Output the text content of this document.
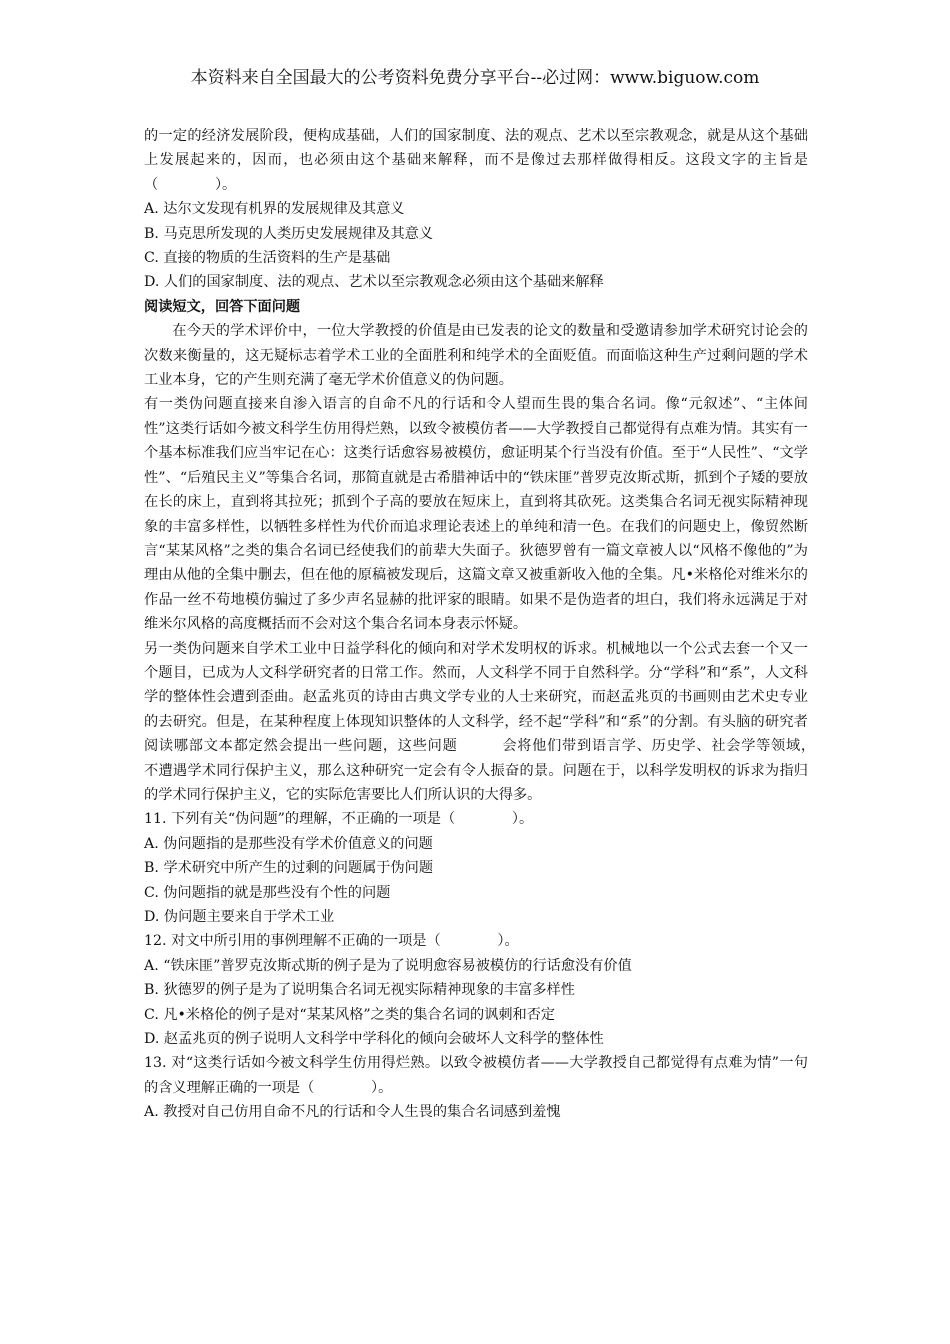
本资料来自全国最大的公考资料免费分享平台--必过网：www.biguow.com

的一定的经济发展阶段，便构成基础，人们的国家制度、法的观点、艺术以至宗教观念，就是从这个基础上发展起来的，因而，也必须由这个基础来解释，而不是像过去那样做得相反。这段文字的主旨是（　　　　）。

A. 达尔文发现有机界的发展规律及其意义

B. 马克思所发现的人类历史发展规律及其意义

C. 直接的物质的生活资料的生产是基础

D. 人们的国家制度、法的观点、艺术以至宗教观念必须由这个基础来解释

阅读短文，回答下面问题

在今天的学术评价中，一位大学教授的价值是由已发表的论文的数量和受邀请参加学术研究讨论会的次数来衡量的，这无疑标志着学术工业的全面胜利和纯学术的全面贬值。而面临这种生产过剩问题的学术工业本身，它的产生则充满了毫无学术价值意义的伪问题。

有一类伪问题直接来自渗入语言的自命不凡的行话和令人望而生畏的集合名词。像“元叙述”、“主体间性”这类行话如今被文科学生仿用得烂熟，以致令被模仿者——大学教授自己都觉得有点难为情。其实有一个基本标准我们应当牢记在心：这类行话愈容易被模仿，愈证明某个行当没有价值。至于“人民性”、“文学性”、“后殖民主义”等集合名词，那简直就是古希腊神话中的“铁床匪”普罗克汝斯忒斯，抓到个子矮的要放在长的床上，直到将其拉死；抓到个子高的要放在短床上，直到将其砍死。这类集合名词无视实际精神现象的丰富多样性，以牺牲多样性为代价而追求理论表述上的单纯和清一色。在我们的问题史上，像贸然断言“某某风格”之类的集合名词已经使我们的前辈大失面子。狄德罗曾有一篇文章被人以“风格不像他的”为理由从他的全集中删去，但在他的原稿被发现后，这篇文章又被重新收入他的全集。凡•米格伦对维米尔的作品一丝不苟地模仿骗过了多少声名显赫的批评家的眼睛。如果不是伪造者的坦白，我们将永远满足于对维米尔风格的高度概括而不会对这个集合名词本身表示怀疑。

另一类伪问题来自学术工业中日益学科化的倾向和对学术发明权的诉求。机械地以一个公式去套一个又一个题目，已成为人文科学研究者的日常工作。然而，人文科学不同于自然科学。分“学科”和“系”，人文科学的整体性会遭到歪曲。赵孟兆页的诗由古典文学专业的人士来研究，而赵孟兆页的书画则由艺术史专业的去研究。但是，在某种程度上体现知识整体的人文科学，经不起“学科”和“系”的分割。有头脑的研究者　　　阅读哪部文本都定然会提出一些问题，这些问题　　　会将他们带到语言学、历史学、社会学等领域，　　　不遭遇学术同行保护主义，那么这种研究一定会有令人振奋的景。问题在于，以科学发明权的诉求为指归的学术同行保护主义，它的实际危害要比人们所认识的大得多。

11. 下列有关“伪问题”的理解，不正确的一项是（　　　　）。

A. 伪问题指的是那些没有学术价值意义的问题

B. 学术研究中所产生的过剩的问题属于伪问题

C. 伪问题指的就是那些没有个性的问题

D. 伪问题主要来自于学术工业

12. 对文中所引用的事例理解不正确的一项是（　　　　）。

A. “铁床匪”普罗克汝斯忒斯的例子是为了说明愈容易被模仿的行话愈没有价值

B. 狄德罗的例子是为了说明集合名词无视实际精神现象的丰富多样性

C. 凡•米格伦的例子是对“某某风格”之类的集合名词的讽刺和否定

D. 赵孟兆页的例子说明人文科学中学科化的倾向会破坏人文科学的整体性

13. 对“这类行话如今被文科学生仿用得烂熟。以致令被模仿者——大学教授自己都觉得有点难为情”一句的含义理解正确的一项是（　　　　）。

A. 教授对自己仿用自命不凡的行话和令人生畏的集合名词感到羞愧
